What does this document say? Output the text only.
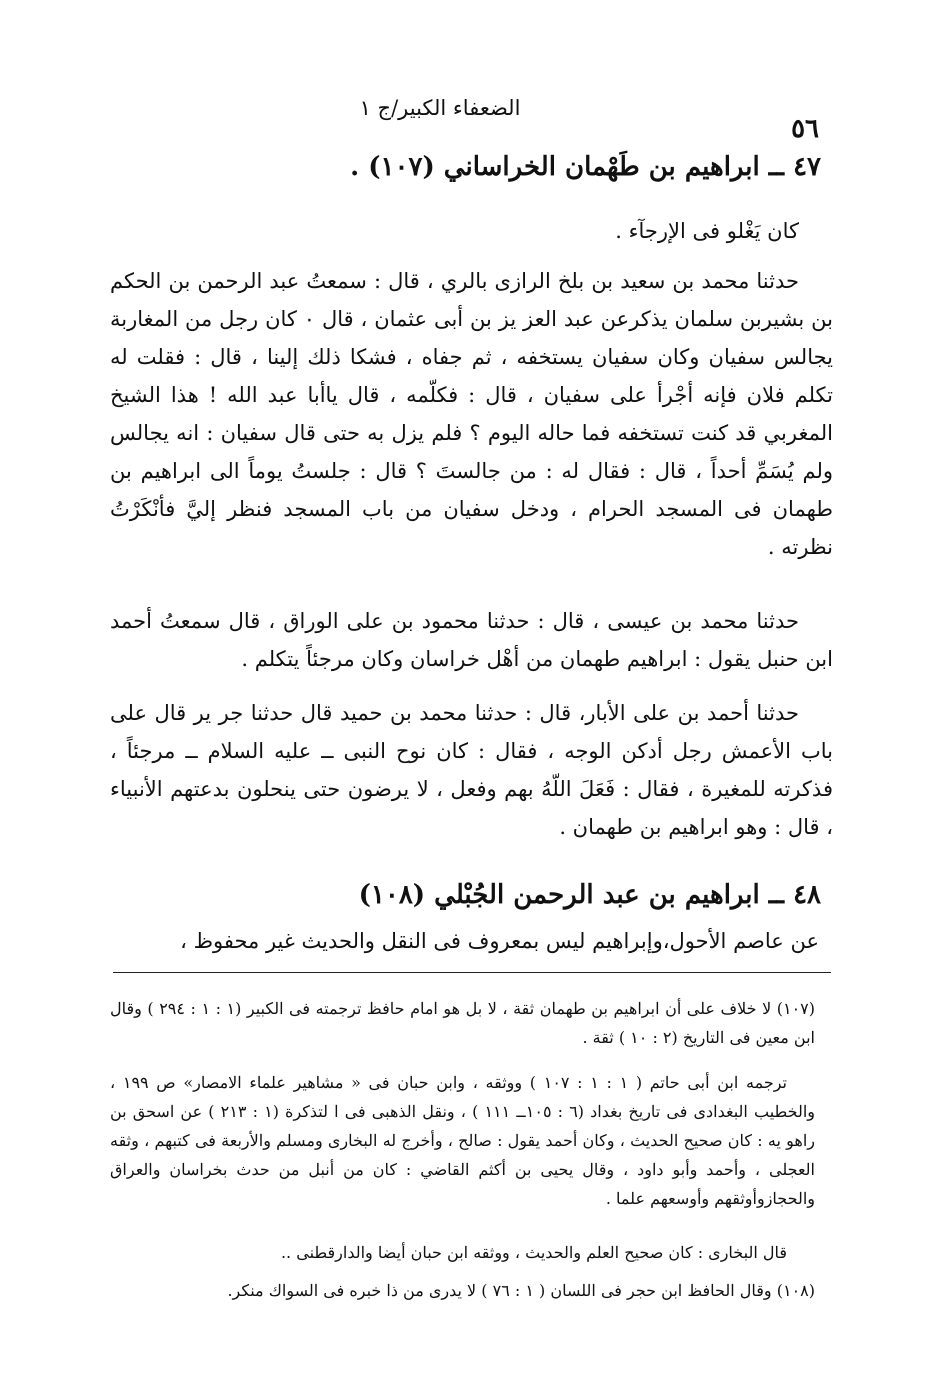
الضعفاء الكبير/ج ١
٥٦
٤٧ ــ ابراهيم بن طَهْمان الخراساني (١٠٧) .

كان يَغْلو فى الإرجآء .

حدثنا محمد بن سعيد بن بلخ الرازى بالري ، قال : سمعتُ عبد الرحمن بن الحكم بن بشيربن سلمان يذكرعن عبد العز يز بن أبى عثمان ، قال ٠ كان رجل من المغاربة يجالس سفيان وكان سفيان يستخفه ، ثم جفاه ، فشكا ذلك إلينا ، قال : فقلت له تكلم فلان فإنه أجْرأ على سفيان ، قال : فكلّمه ، قال ياأبا عبد الله ! هذا الشيخ المغربي قد كنت تستخفه فما حاله اليوم ؟ فلم يزل به حتى قال سفيان : انه يجالس ولم يُسَمِّ أحداً ، قال : فقال له : من جالستَ ؟ قال : جلستُ يوماً الى ابراهيم بن طهمان فى المسجد الحرام ، ودخل سفيان من باب المسجد فنظر إليَّ فأنْكَرْتُ نظرته .

حدثنا محمد بن عيسى ، قال : حدثنا محمود بن على الوراق ، قال سمعتُ أحمد ابن حنبل يقول : ابراهيم طهمان من أهْل خراسان وكان مرجئاً يتكلم .

حدثنا أحمد بن على الأبار، قال : حدثنا محمد بن حميد قال حدثنا جر ير قال على باب الأعمش رجل أدكن الوجه ، فقال : كان نوح النبى ــ عليه السلام ــ مرجئاً ، فذكرته للمغيرة ، فقال : فَعَلَ اللّهُ بهم وفعل ، لا يرضون حتى ينحلون بدعتهم الأنبياء ، قال : وهو ابراهيم بن طهمان .

٤٨ ــ ابراهيم بن عبد الرحمن الجُبْلي (١٠٨)

عن عاصم الأحول،وإبراهيم ليس بمعروف فى النقل والحديث غير محفوظ ،

(١٠٧) لا خلاف على أن ابراهيم بن طهمان ثقة ، لا بل هو امام حافظ ترجمته فى الكبير (١ : ١ : ٢٩٤ ) وقال ابن معين فى التاريخ (٢ : ١٠ ) ثقة .

ترجمه ابن أبى حاتم ( ١ : ١ : ١٠٧ ) ووثقه ، وابن حبان فى « مشاهير علماء الامصار» ص ١٩٩ ، والخطيب البغدادى فى تاريخ بغداد (٦ : ١٠٥ــ ١١١ ) ، ونقل الذهبى فى ا لتذكرة (١ : ٢١٣ ) عن اسحق بن راهو يه : كان صحيح الحديث ، وكان أحمد يقول : صالح ، وأخرج له البخارى ومسلم والأربعة فى كتبهم ، وثقه العجلى ، وأحمد وأبو داود ، وقال يحيى بن أكثم القاضي : كان من أنبل من حدث بخراسان والعراق والحجازوأوثقهم وأوسعهم علما .

قال البخارى : كان صحيح العلم والحديث ، ووثقه ابن حبان أيضا والدارقطنى ..

(١٠٨) وقال الحافظ ابن حجر فى اللسان ( ١ : ٧٦ ) لا يدرى من ذا خبره فى السواك منكر.
